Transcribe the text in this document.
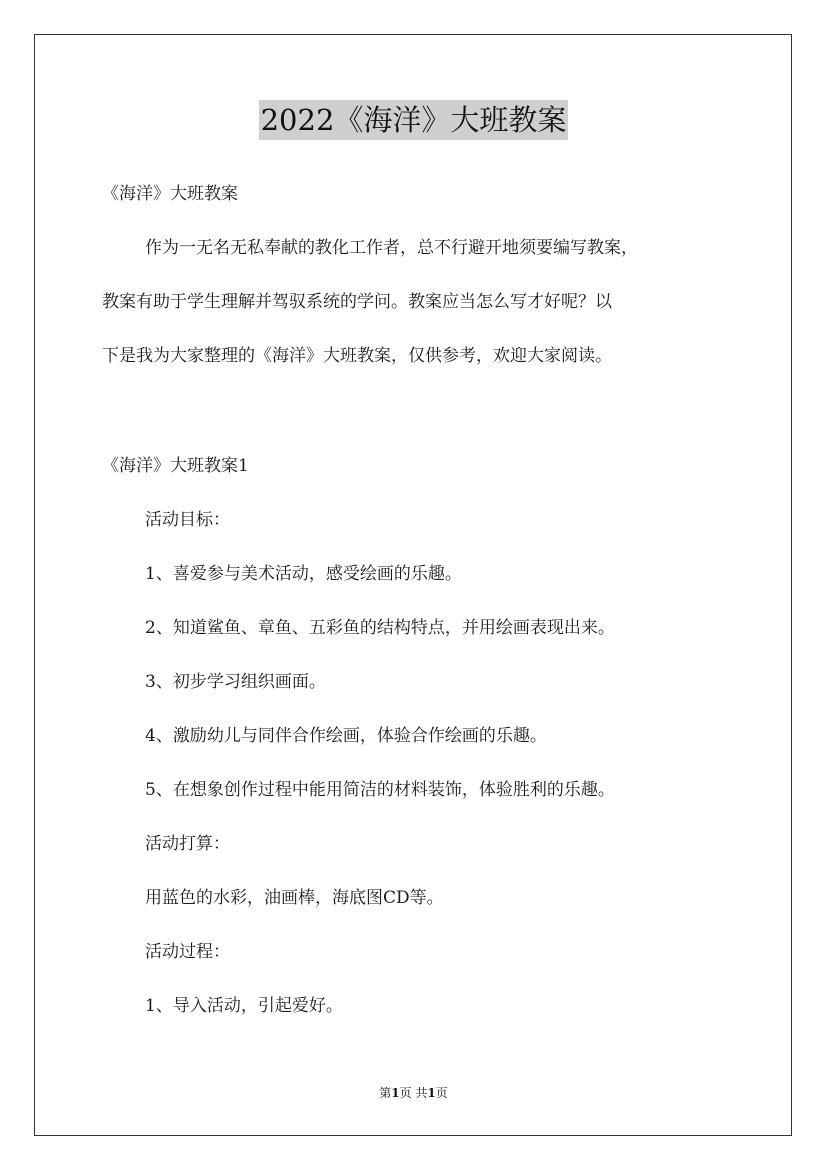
2022《海洋》大班教案
《海洋》大班教案
作为一无名无私奉献的教化工作者，总不行避开地须要编写教案，
教案有助于学生理解并驾驭系统的学问。教案应当怎么写才好呢？以
下是我为大家整理的《海洋》大班教案，仅供参考，欢迎大家阅读。
《海洋》大班教案1
活动目标：
1、喜爱参与美术活动，感受绘画的乐趣。
2、知道鲨鱼、章鱼、五彩鱼的结构特点，并用绘画表现出来。
3、初步学习组织画面。
4、激励幼儿与同伴合作绘画，体验合作绘画的乐趣。
5、在想象创作过程中能用简洁的材料装饰，体验胜利的乐趣。
活动打算：
用蓝色的水彩，油画棒，海底图CD等。
活动过程：
1、导入活动，引起爱好。
第1页 共1页
